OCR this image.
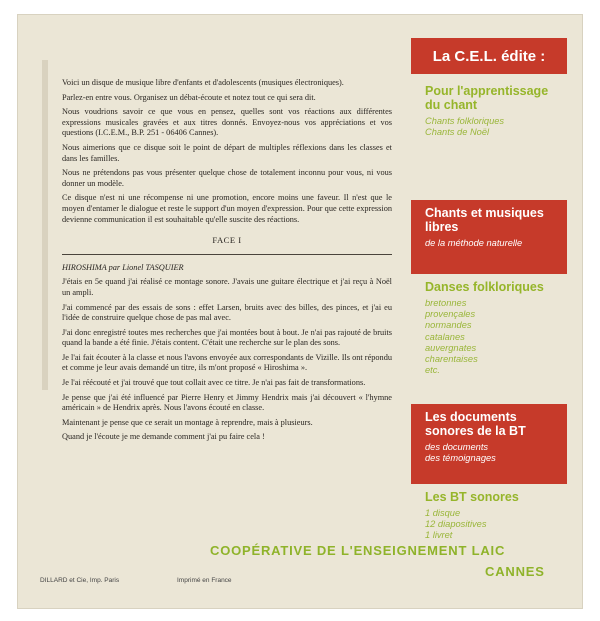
Voici un disque de musique libre d'enfants et d'adolescents (musiques électroniques).

Parlez-en entre vous. Organisez un débat-écoute et notez tout ce qui sera dit.

Nous voudrions savoir ce que vous en pensez, quelles sont vos réactions aux différentes expressions musicales gravées et aux titres donnés. Envoyez-nous vos appréciations et vos questions (I.C.E.M., B.P. 251 - 06406 Cannes).

Nous aimerions que ce disque soit le point de départ de multiples réflexions dans les classes et dans les familles.

Nous ne prétendons pas vous présenter quelque chose de totalement inconnu pour vous, ni vous donner un modèle.

Ce disque n'est ni une récompense ni une promotion, encore moins une faveur. Il n'est que le moyen d'entamer le dialogue et reste le support d'un moyen d'expression. Pour que cette expression devienne communication il est souhaitable qu'elle suscite des réactions.

FACE I

HIROSHIMA par Lionel TASQUIER

J'étais en 5e quand j'ai réalisé ce montage sonore. J'avais une guitare électrique et j'ai reçu à Noël un ampli.

J'ai commencé par des essais de sons : effet Larsen, bruits avec des billes, des pinces, et j'ai eu l'idée de construire quelque chose de pas mal avec.

J'ai donc enregistré toutes mes recherches que j'ai montées bout à bout. Je n'ai pas rajouté de bruits quand la bande a été finie. J'étais content. C'était une recherche sur le plan des sons.

Je l'ai fait écouter à la classe et nous l'avons envoyée aux correspondants de Vizille. Ils ont répondu et comme je leur avais demandé un titre, ils m'ont proposé « Hiroshima ».

Je l'ai réécouté et j'ai trouvé que tout collait avec ce titre. Je n'ai pas fait de transformations.

Je pense que j'ai été influencé par Pierre Henry et Jimmy Hendrix mais j'ai découvert « l'hymne américain » de Hendrix après. Nous l'avons écouté en classe.

Maintenant je pense que ce serait un montage à reprendre, mais à plusieurs.

Quand je l'écoute je me demande comment j'ai pu faire cela !

La C.E.L. édite :
Pour l'apprentissage du chant
Chants folkloriques
Chants de Noël
Chants et musiques libres
de la méthode naturelle
Danses folkloriques
bretonnes
provençales
normandes
catalanes
auvergnates
charentaises
etc.
Les documents sonores de la BT
des documents
des témoignages
Les BT sonores
1 disque
12 diapositives
1 livret
COOPÉRATIVE DE L'ENSEIGNEMENT LAIC
CANNES
DILLARD et Cie, Imp. Paris	Imprimé en France
